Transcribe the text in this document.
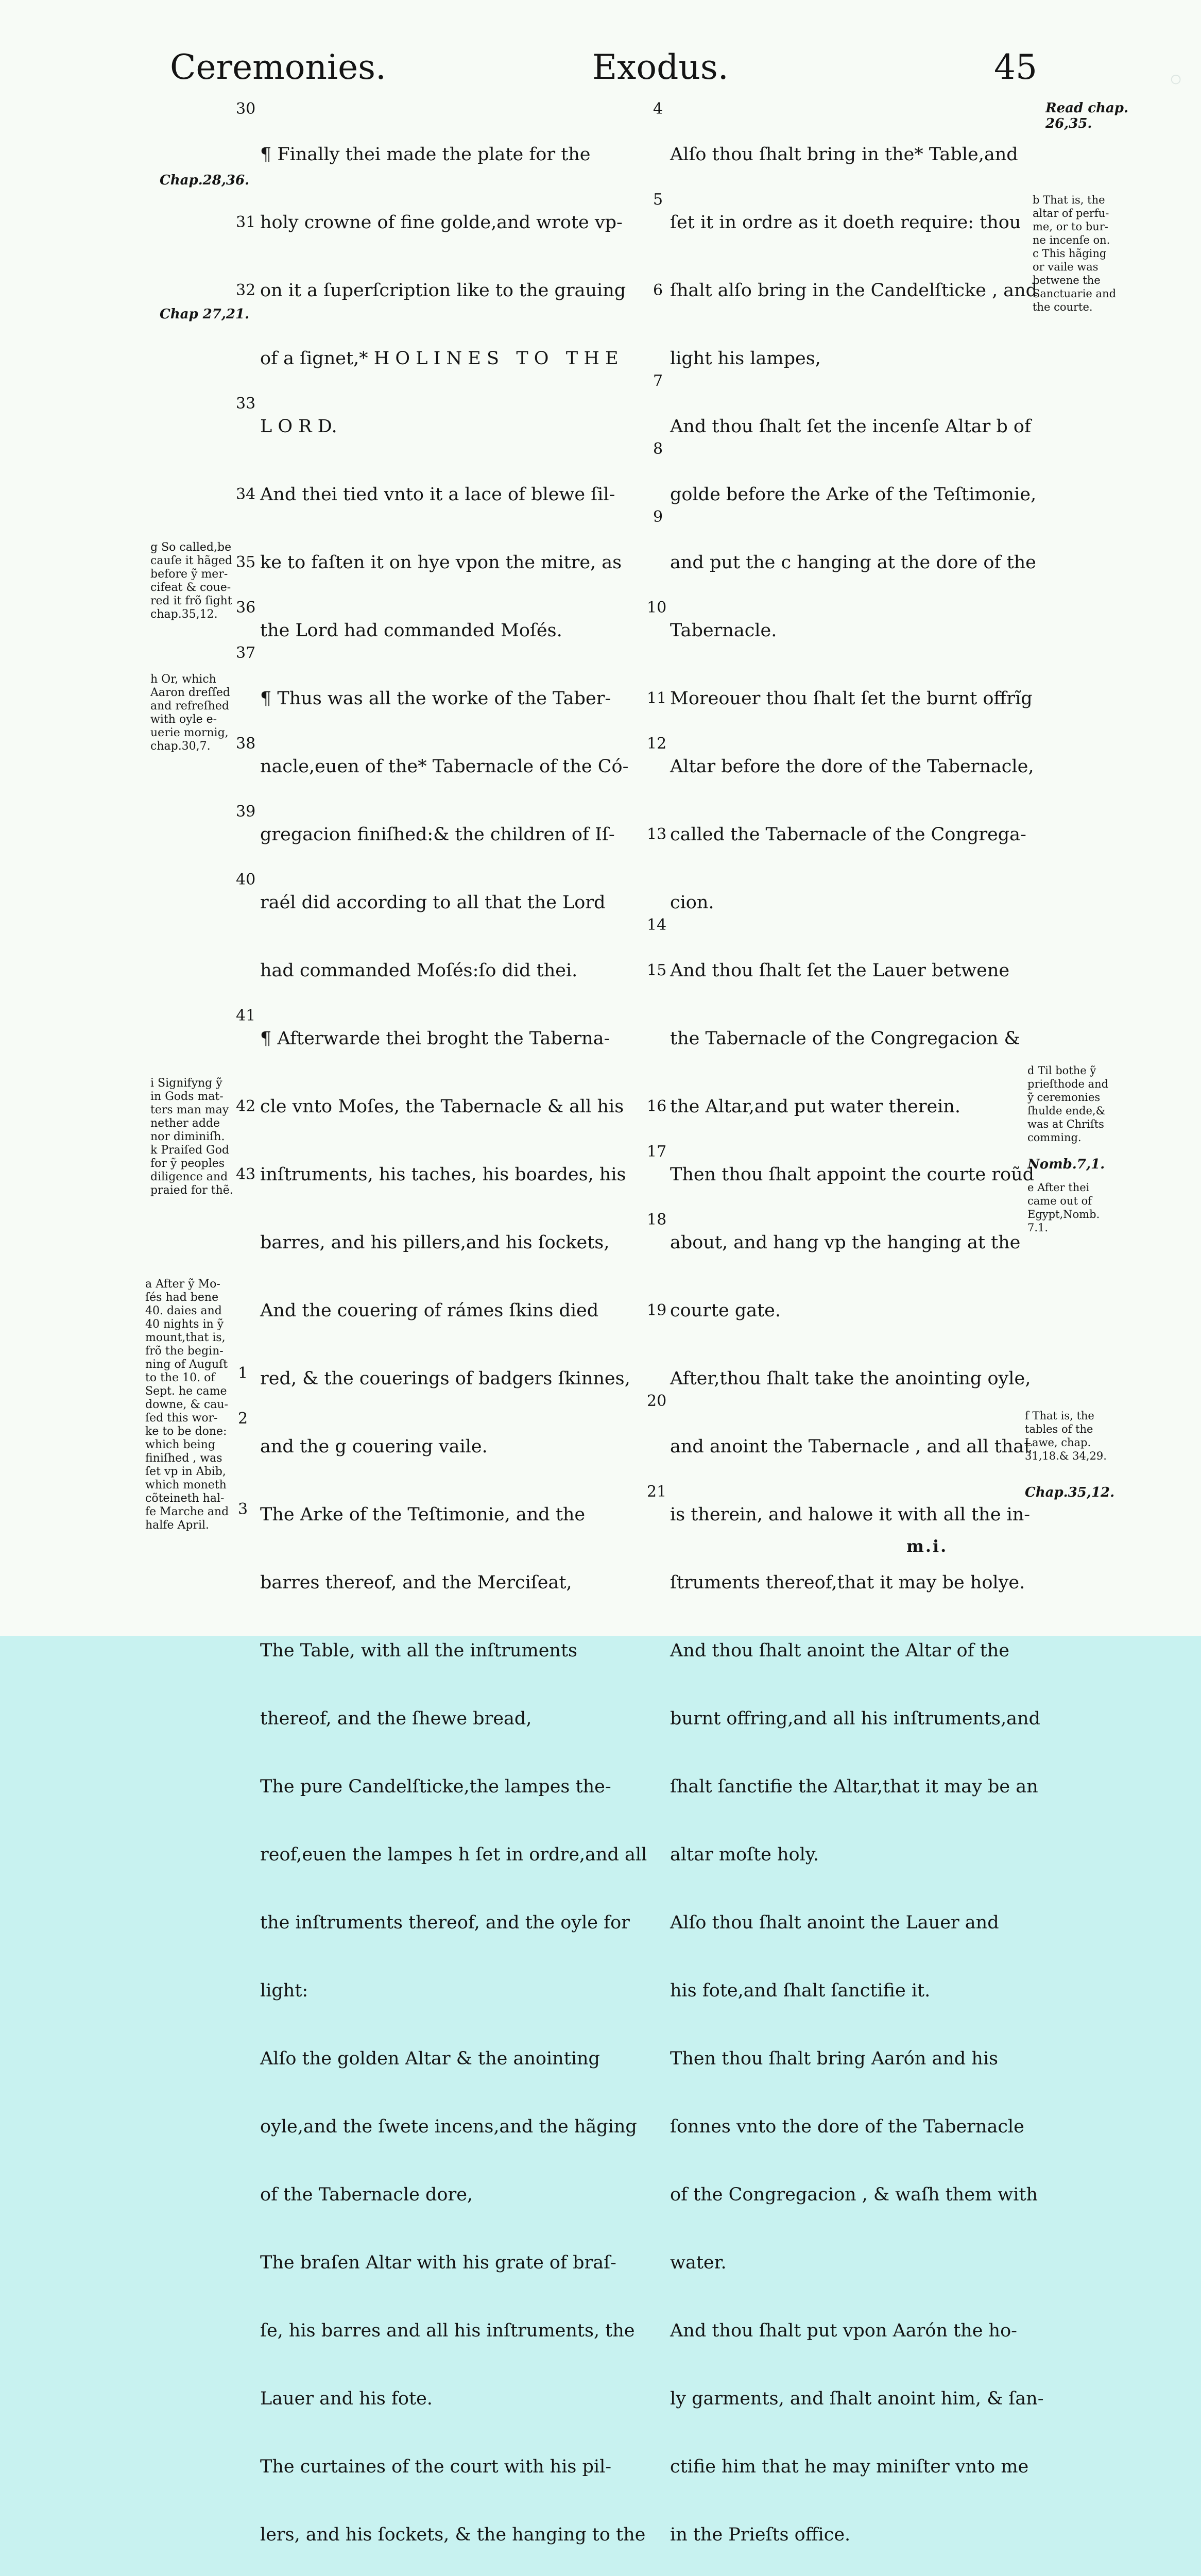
◦
Ceremonies.	Exodus.	45

¶ Finally thei made the plate for the

holy crowne of fine golde,and wrote vp-

on it a ſuperſcription like to the grauing

of a ſignet,* H O L I N E S   T O   T H E

L O R D.

And thei tied vnto it a lace of blewe ſil-

ke to faſten it on hye vpon the mitre, as

the Lord had commanded Moſés.

¶ Thus was all the worke of the Taber-

nacle,euen of the* Tabernacle of the Có-

gregacion finiſhed:& the children of Iſ-

raél did according to all that the Lord

had commanded Moſés:ſo did thei.

¶ Afterwarde thei broght the Taberna-

cle vnto Moſes, the Tabernacle & all his

inſtruments, his taches, his boardes, his

barres, and his pillers,and his ſockets,

And the couering of rámes ſkins died

red, & the couerings of badgers ſkinnes,

and the g couering vaile.

The Arke of the Teſtimonie, and the

barres thereof, and the Merciſeat,

The Table, with all the inſtruments

thereof, and the ſhewe bread,

The pure Candelſticke,the lampes the-

reof,euen the lampes h ſet in ordre,and all

the inſtruments thereof, and the oyle for

light:

Alſo the golden Altar & the anointing

oyle,and the ſwete incens,and the hãging

of the Tabernacle dore,

The braſen Altar with his grate of braſ-

ſe, his barres and all his inſtruments, the

Lauer and his fote.

The curtaines of the court with his pil-

lers, and his ſockets, & the hanging to the

30
31
32
33
34
35
36
37
38
39
40
41
42
43
1
2
3
Chap.28,36.
Chap 27,21.
g So called,be
cauſe it hãged
before ỹ mer-
cifeat & coue-
red it frõ ſight
chap.35,12.
h Or, which
Aaron dreſſed
and refreſhed
with oyle e-
uerie mornig,
chap.30,7.
i Signifyng ỹ
in Gods mat-
ters man may
nether adde
nor diminiſh.
k Praiſed God
for ỹ peoples
diligence and
praied for thẽ.
a After ỹ Mo-
ſés had bene
40. daies and
40 nights in ỹ
mount,that is,
frõ the begin-
ning of Auguſt
to the 10. of
Sept. he came
downe, & cau-
ſed this wor-
ke to be done:
which being
finiſhed , was
ſet vp in Abib,
which moneth
cõteineth hal-
fe Marche and
halfe April.

Alſo thou ſhalt bring in the* Table,and

ſet it in ordre as it doeth require: thou

ſhalt alſo bring in the Candelſticke , and

light his lampes,

And thou ſhalt ſet the incenſe Altar b of

golde before the Arke of the Teſtimonie,

and put the c hanging at the dore of the

Tabernacle.

Moreouer thou ſhalt ſet the burnt offrĩg

Altar before the dore of the Tabernacle,

called the Tabernacle of the Congrega-

cion.

And thou ſhalt ſet the Lauer betwene

the Tabernacle of the Congregacion &

the Altar,and put water therein.

Then thou ſhalt appoint the courte roũd

about, and hang vp the hanging at the

courte gate.

After,thou ſhalt take the anointing oyle,

and anoint the Tabernacle , and all that

is therein, and halowe it with all the in-

ſtruments thereof,that it may be holye.

And thou ſhalt anoint the Altar of the

burnt offring,and all his inſtruments,and

ſhalt ſanctifie the Altar,that it may be an

altar moſte holy.

Alſo thou ſhalt anoint the Lauer and

his fote,and ſhalt ſanctifie it.

Then thou ſhalt bring Aarón and his

ſonnes vnto the dore of the Tabernacle

of the Congregacion , & waſh them with

water.

And thou ſhalt put vpon Aarón the ho-

ly garments, and ſhalt anoint him, & ſan-

ctifie him that he may miniſter vnto me

in the Prieſts office.

4
5
6
7
8
9
10
11
12
13
14
15
16
17
18
19
20
21
Read chap.
26,35.
b That is, the
altar of perfu-
me, or to bur-
ne incenſe on.
c This hãging
or vaile was
betwene the
Sanctuarie and
the courte.
d Til bothe ỹ
prieſthode and
ỹ ceremonies
ſhulde ende,&
was at Chriſts
comming.
Nomb.7,1.
e After thei
came out of
Egypt,Nomb.
7.1.
f That is, the
tables of the
Lawe, chap.
31,18.& 34,29.
Chap.35,12.
m.i.
